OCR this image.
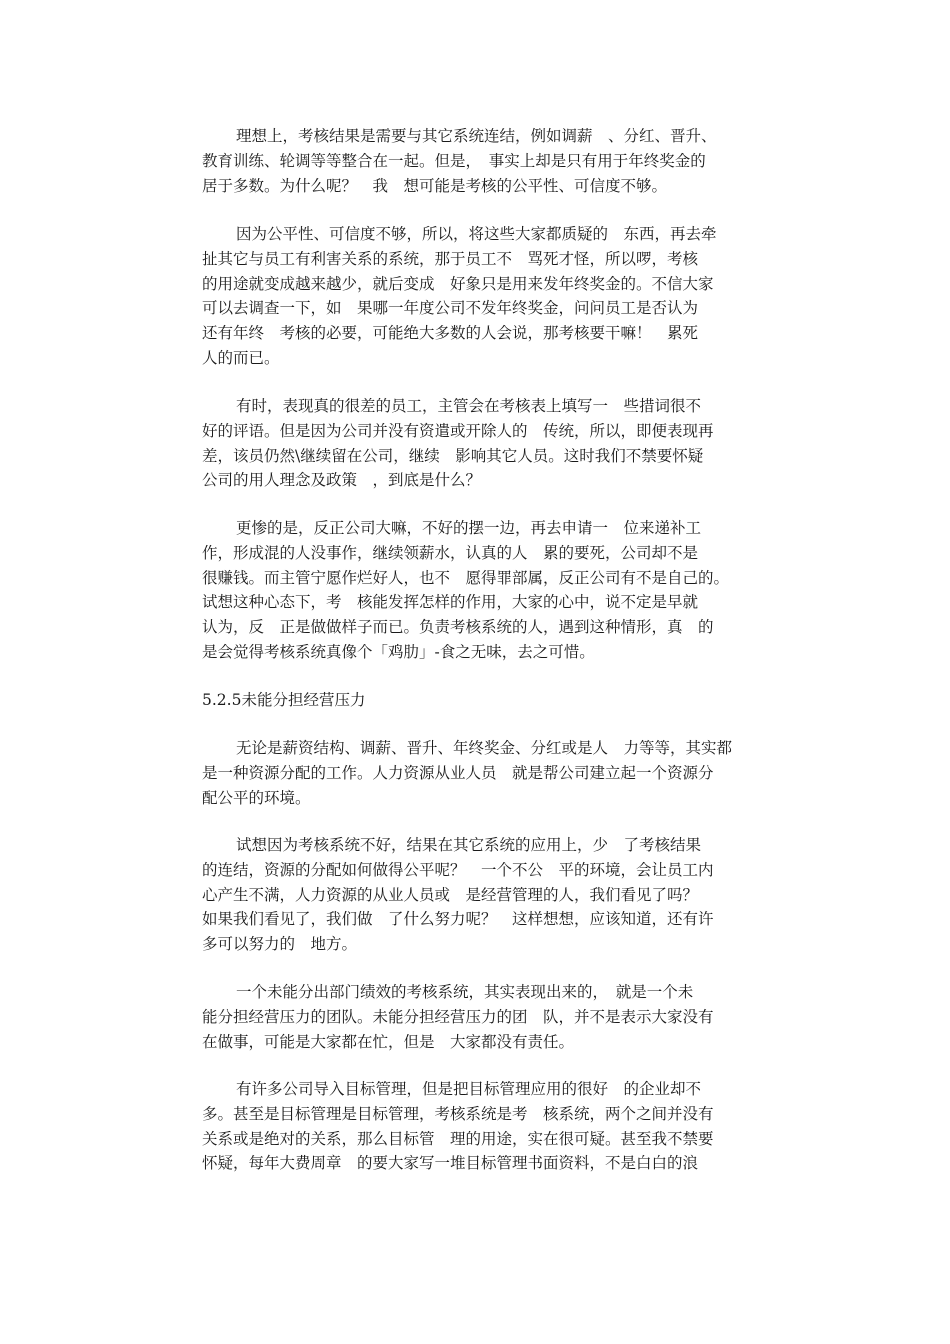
理想上，考核结果是需要与其它系统连结，例如调薪　、分红、晋升、
教育训练、轮调等等整合在一起。但是，　事实上却是只有用于年终奖金的
居于多数。为什么呢？　我　想可能是考核的公平性、可信度不够。
因为公平性、可信度不够，所以，将这些大家都质疑的　东西，再去牵
扯其它与员工有利害关系的系统，那于员工不　骂死才怪，所以啰，考核
的用途就变成越来越少，就后变成　好象只是用来发年终奖金的。不信大家
可以去调查一下，如　果哪一年度公司不发年终奖金，问问员工是否认为
还有年终　考核的必要，可能绝大多数的人会说，那考核要干嘛！　累死
人的而已。
有时，表现真的很差的员工，主管会在考核表上填写一　些措词很不
好的评语。但是因为公司并没有资遣或开除人的　传统，所以，即便表现再
差，该员仍然\继续留在公司，继续　影响其它人员。这时我们不禁要怀疑
公司的用人理念及政策　，到底是什么？
更惨的是，反正公司大嘛，不好的摆一边，再去申请一　位来递补工
作，形成混的人没事作，继续领薪水，认真的人　累的要死，公司却不是
很赚钱。而主管宁愿作烂好人，也不　愿得罪部属，反正公司有不是自己的。
试想这种心态下，考　核能发挥怎样的作用，大家的心中，说不定是早就
认为，反　正是做做样子而已。负责考核系统的人，遇到这种情形，真　的
是会觉得考核系统真像个「鸡肋」-食之无味，去之可惜。
5.2.5未能分担经营压力
无论是薪资结构、调薪、晋升、年终奖金、分红或是人　力等等，其实都
是一种资源分配的工作。人力资源从业人员　就是帮公司建立起一个资源分
配公平的环境。
试想因为考核系统不好，结果在其它系统的应用上，少　了考核结果
的连结，资源的分配如何做得公平呢？　一个不公　平的环境，会让员工内
心产生不满，人力资源的从业人员或　是经营管理的人，我们看见了吗？
如果我们看见了，我们做　了什么努力呢？　这样想想，应该知道，还有许
多可以努力的　地方。
一个未能分出部门绩效的考核系统，其实表现出来的，　就是一个未
能分担经营压力的团队。未能分担经营压力的团　队，并不是表示大家没有
在做事，可能是大家都在忙，但是　大家都没有责任。
有许多公司导入目标管理，但是把目标管理应用的很好　的企业却不
多。甚至是目标管理是目标管理，考核系统是考　核系统，两个之间并没有
关系或是绝对的关系，那么目标管　理的用途，实在很可疑。甚至我不禁要
怀疑，每年大费周章　的要大家写一堆目标管理书面资料，不是白白的浪
